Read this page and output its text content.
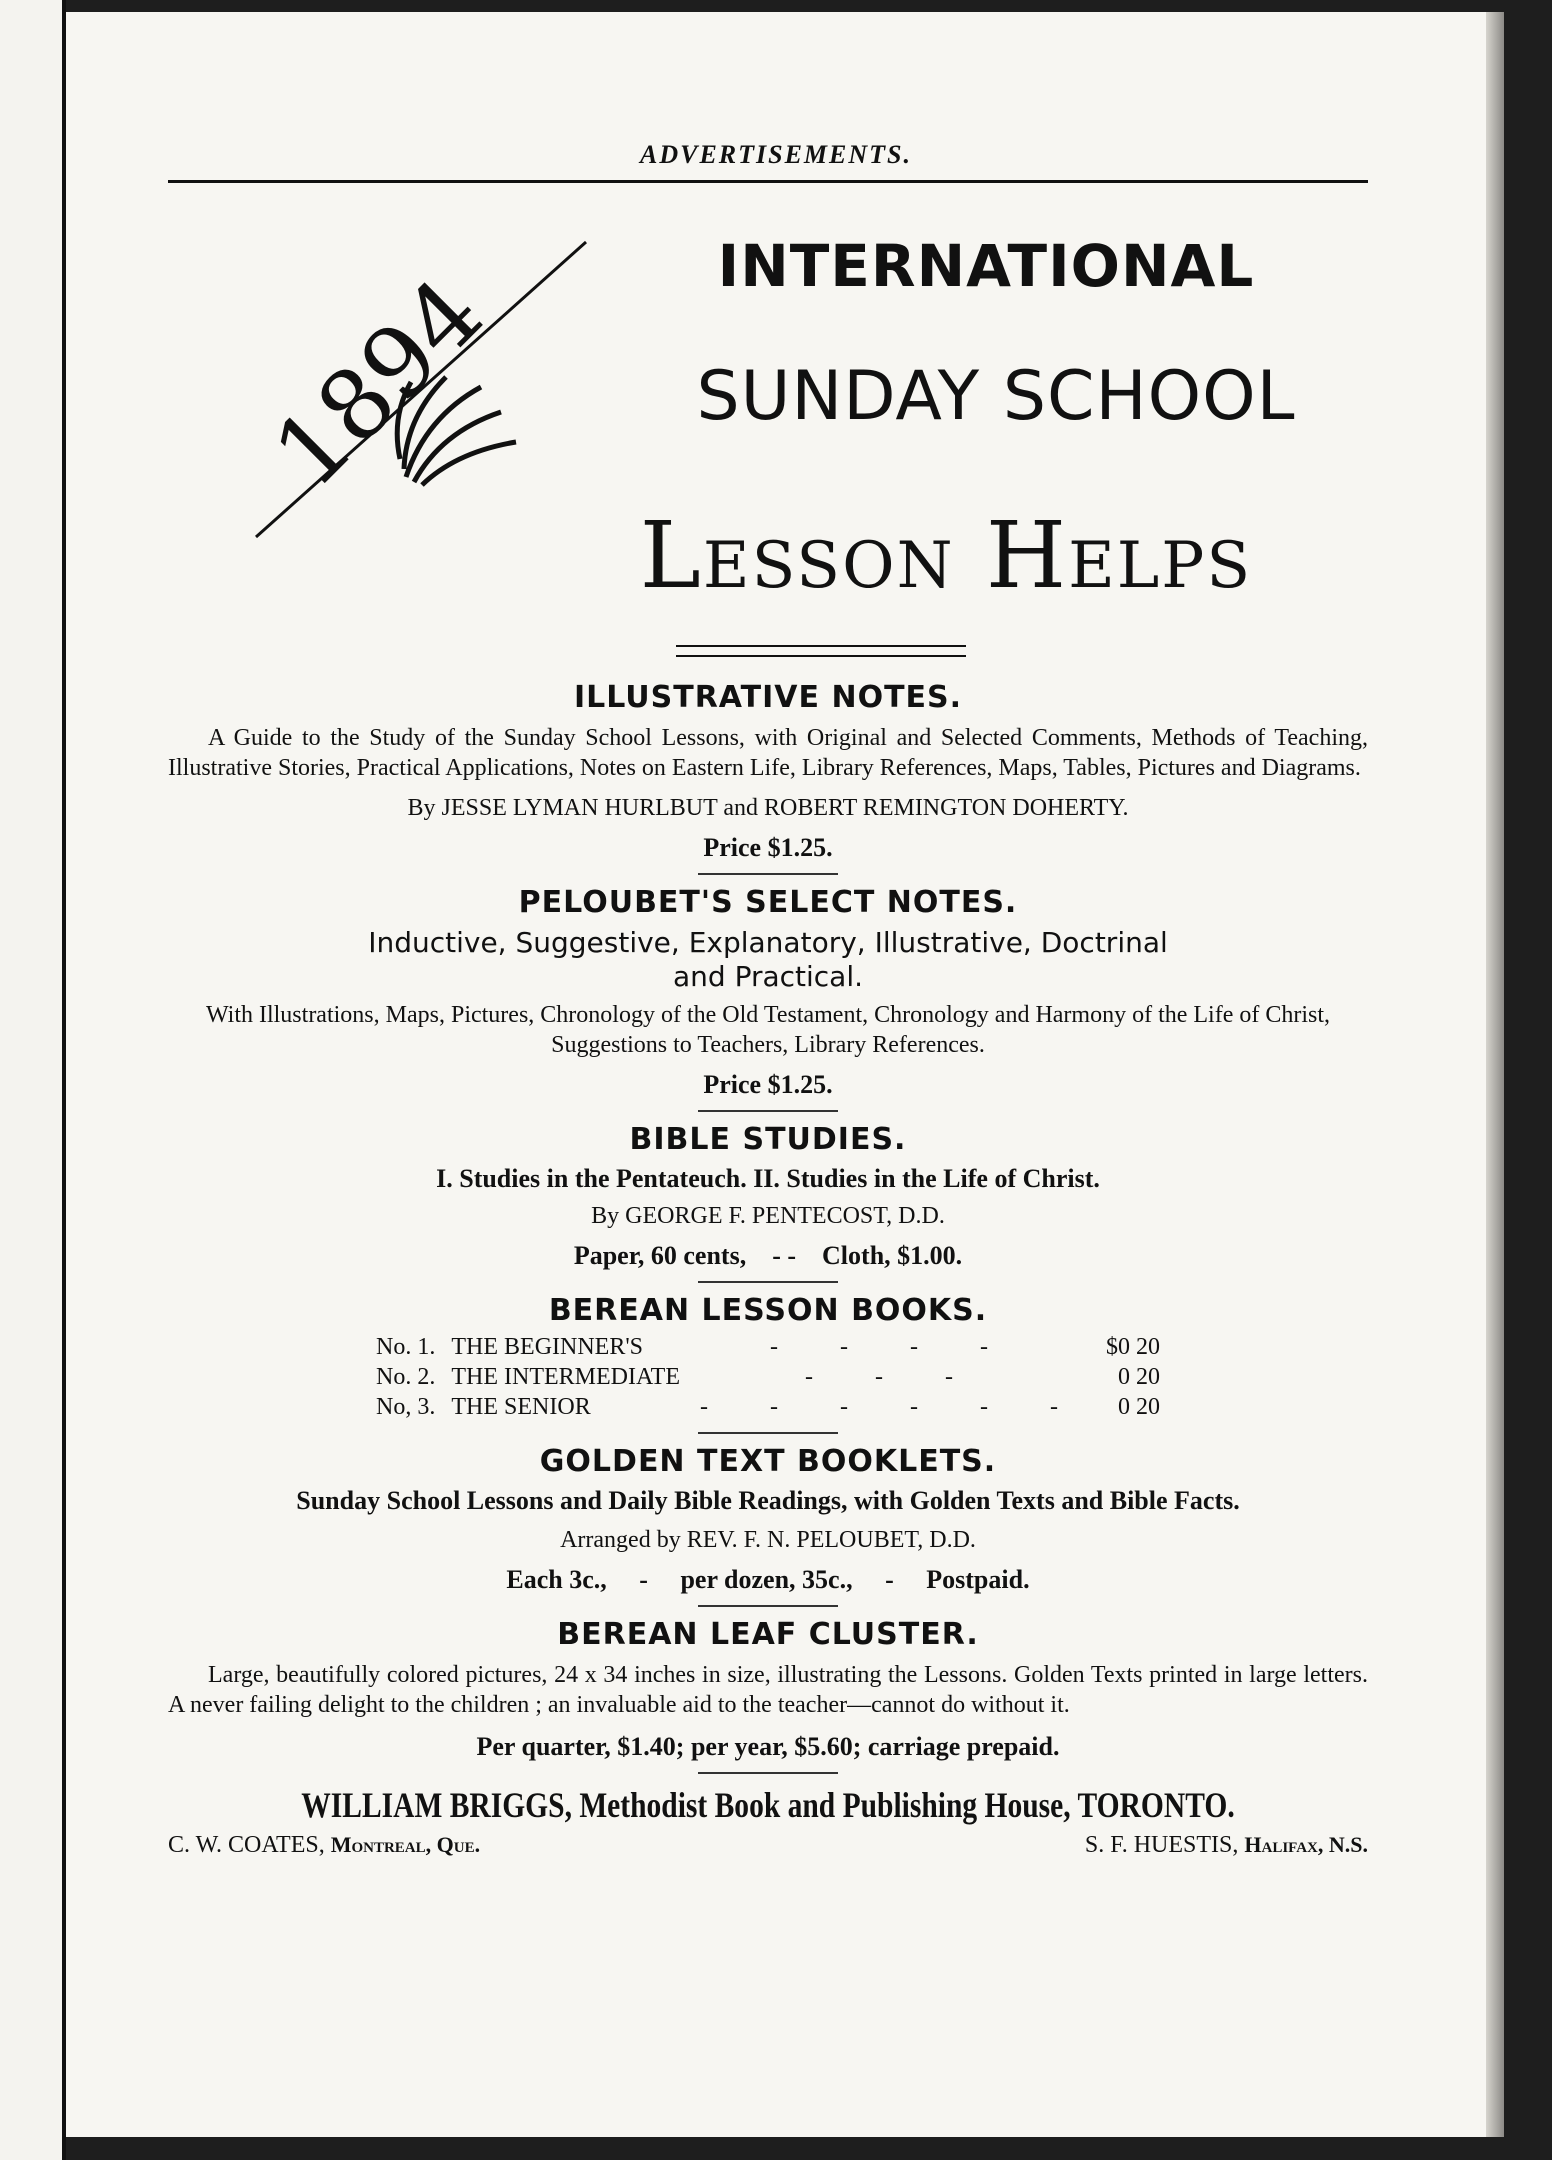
ADVERTISEMENTS.
1894	INTERNATIONAL
SUNDAY SCHOOL
Lesson Helps

ILLUSTRATIVE NOTES.

A Guide to the Study of the Sunday School Lessons, with Original and Selected Comments, Methods of Teaching, Illustrative Stories, Practical Applications, Notes on Eastern Life, Library References, Maps, Tables, Pictures and Diagrams.

By JESSE LYMAN HURLBUT and ROBERT REMINGTON DOHERTY.

Price $1.25.

PELOUBET'S SELECT NOTES.

Inductive, Suggestive, Explanatory, Illustrative, Doctrinal and Practical.

With Illustrations, Maps, Pictures, Chronology of the Old Testament, Chronology and Harmony of the Life of Christ, Suggestions to Teachers, Library References.

Price $1.25.

BIBLE STUDIES.

I. Studies in the Pentateuch. II. Studies in the Life of Christ.

By GEORGE F. PENTECOST, D.D.

Paper, 60 cents, - - Cloth, $1.00.

BEREAN LESSON BOOKS.

No. 1.	THE BEGINNER'S	- - - -	$0 20
No. 2.	THE INTERMEDIATE	- - -	0 20
No, 3.	THE SENIOR	- - - - - -	0 20

GOLDEN TEXT BOOKLETS.

Sunday School Lessons and Daily Bible Readings, with Golden Texts and Bible Facts.

Arranged by REV. F. N. PELOUBET, D.D.

Each 3c.,     -     per dozen, 35c.,     -     Postpaid.

BEREAN LEAF CLUSTER.

Large, beautifully colored pictures, 24 x 34 inches in size, illustrating the Lessons. Golden Texts printed in large letters. A never failing delight to the children ; an invaluable aid to the teacher—cannot do without it.

Per quarter, $1.40; per year, $5.60; carriage prepaid.

WILLIAM BRIGGS, Methodist Book and Publishing House, TORONTO.

C. W. COATES, Montreal, Que.	S. F. HUESTIS, Halifax, N.S.
